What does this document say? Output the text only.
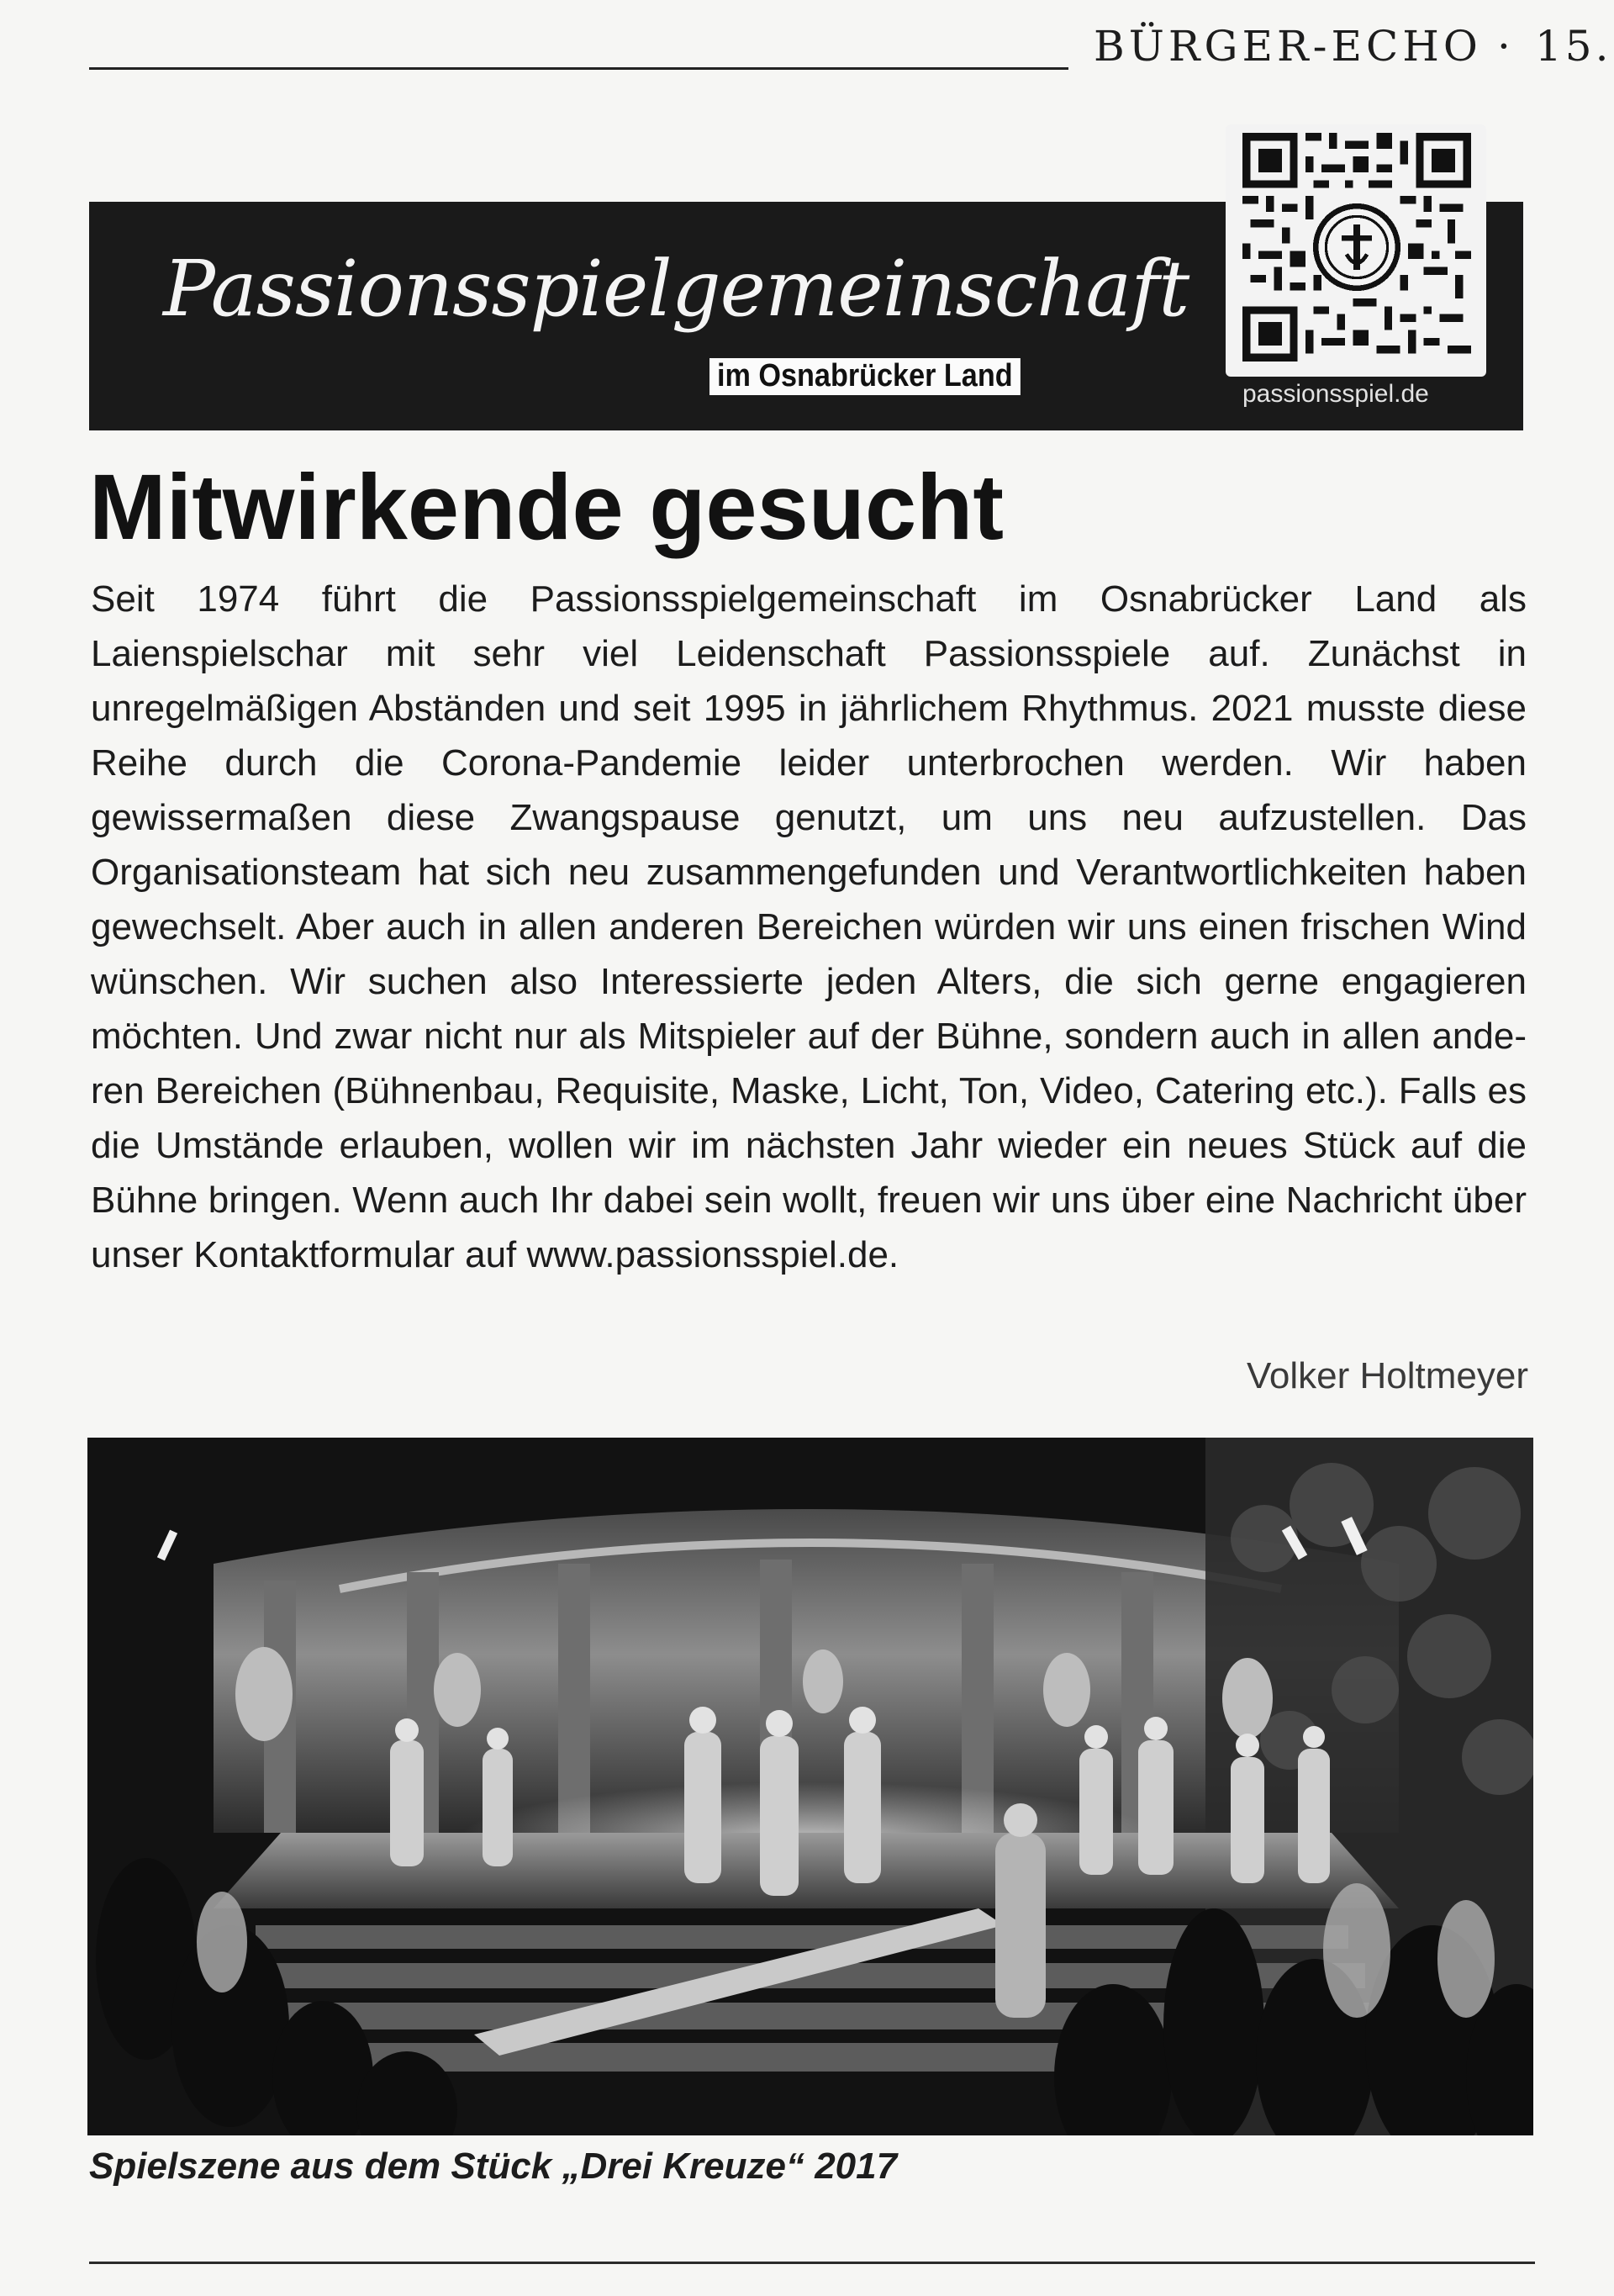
BÜRGER-ECHO · 15.
Passionsspielgemeinschaft
im Osnabrücker Land
passionsspiel.de
Mitwirkende gesucht

Seit 1974 führt die Passionsspielgemeinschaft im Osnabrücker Land als Laienspielschar mit sehr viel Leidenschaft Passionsspiele auf. Zunächst in unregelmäßigen Abständen und seit 1995 in jährlichem Rhythmus. 2021 musste diese Reihe durch die Corona-Pandemie leider unterbrochen werden. Wir haben gewissermaßen diese Zwangspause genutzt, um uns neu aufzustellen. Das Organisationsteam hat sich neu zusammengefunden und Verantwortlichkeiten haben gewechselt. Aber auch in allen anderen Bereichen würden wir uns einen frischen Wind wünschen. Wir suchen also Interessierte jeden Alters, die sich gerne engagieren möchten. Und zwar nicht nur als Mitspieler auf der Bühne, sondern auch in allen anderen Bereichen (Bühnenbau, Requisite, Maske, Licht, Ton, Video, Catering etc.). Falls es die Umstände erlauben, wollen wir im nächsten Jahr wieder ein neues Stück auf die Bühne bringen. Wenn auch Ihr dabei sein wollt, freuen wir uns über eine Nachricht über unser Kontaktformular auf www.passionsspiel.de.

Volker Holtmeyer
Spielszene aus dem Stück „Drei Kreuze“ 2017
